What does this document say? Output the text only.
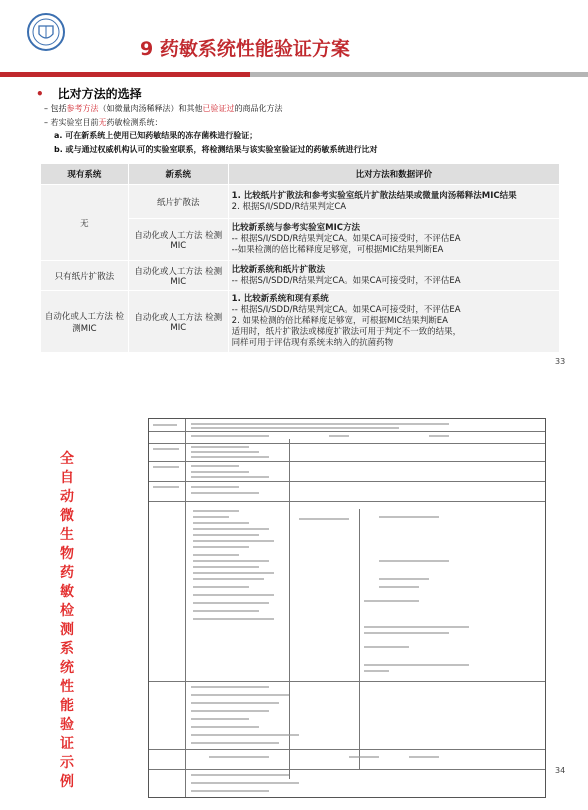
9 药敏系统性能验证方案
• 比对方法的选择
– 包括参考方法（如微量肉汤稀释法）和其他已验证过的商品化方法
– 若实验室目前无药敏检测系统：
a. 可在新系统上使用已知药敏结果的冻存菌株进行验证；
b. 或与通过权威机构认可的实验室联系，将检测结果与该实验室验证过的药敏系统进行比对
现有系统	新系统	比对方法和数据评价
无	纸片扩散法	1. 比较纸片扩散法和参考实验室纸片扩散法结果或微量肉汤稀释法MIC结果
2. 根据S/I/SDD/R结果判定CA

	自动化或人工方法 检测MIC	比较新系统与参考实验室MIC方法
-- 根据S/I/SDD/R结果判定CA。如果CA可接受时，不评估EA
--如果检测的倍比稀释度足够宽，可根据MIC结果判断EA

只有纸片扩散法	自动化或人工方法 检测MIC	比较新系统和纸片扩散法
-- 根据S/I/SDD/R结果判定CA。如果CA可接受时，不评估EA

自动化或人工方法 检测MIC	自动化或人工方法 检测MIC	1. 比较新系统和现有系统
-- 根据S/I/SDD/R结果判定CA。如果CA可接受时，不评估EA
2. 如果检测的倍比稀释度足够宽，可根据MIC结果判断EA
适用时，纸片扩散法或梯度扩散法可用于判定不一致的结果，
同样可用于评估现有系统未纳入的抗菌药物
33
全
自
动
微
生
物
药
敏
检
测
系
统
性
能
验
证
示
例
34
